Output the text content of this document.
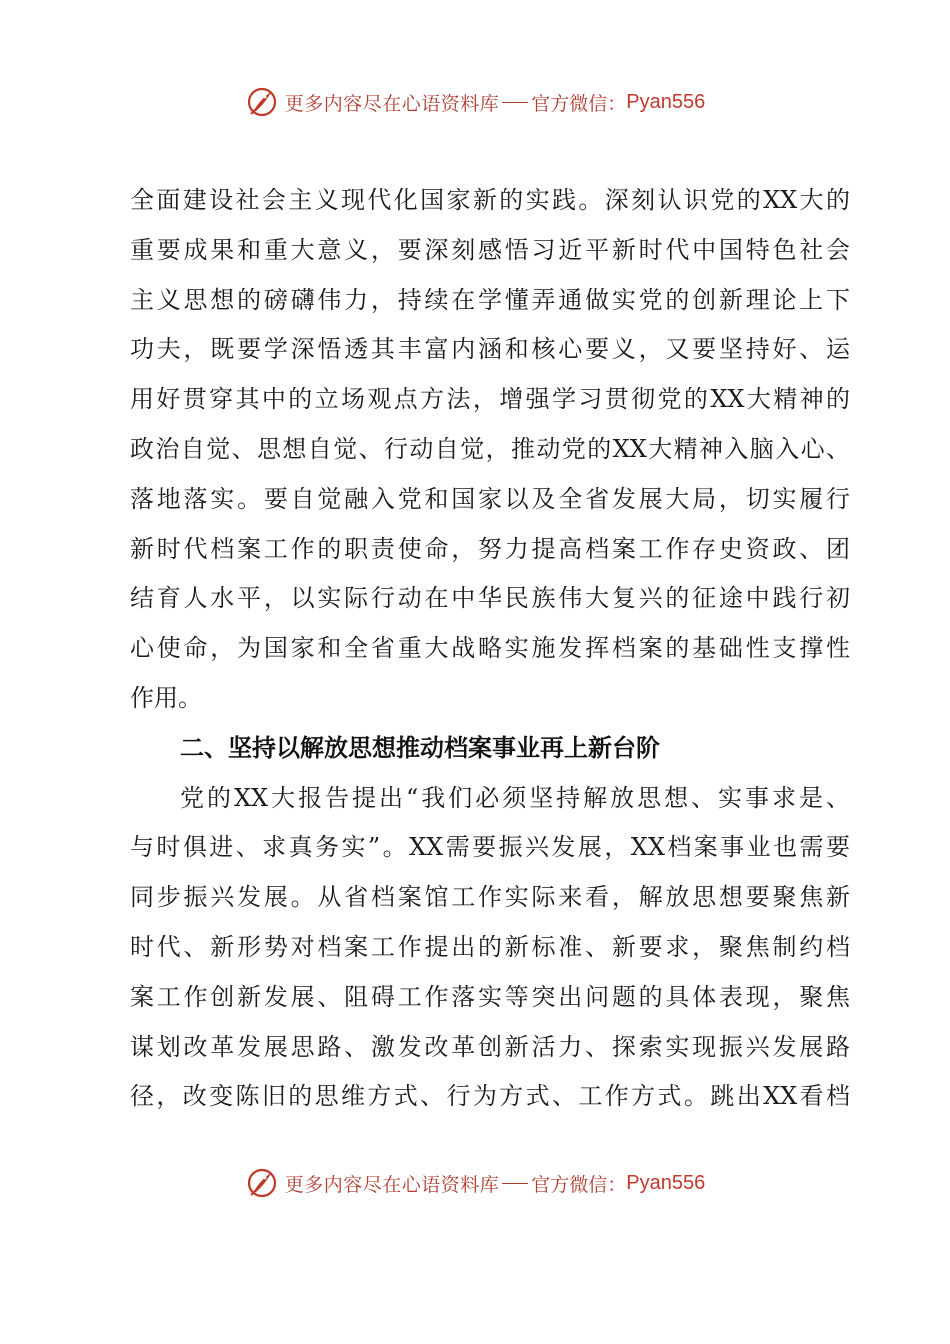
更多内容尽在心语资料库 官方微信： Pyan556
全面建设社会主义现代化国家新的实践。深刻认识党的XX大的
重要成果和重大意义，要深刻感悟习近平新时代中国特色社会
主义思想的磅礴伟力，持续在学懂弄通做实党的创新理论上下
功夫，既要学深悟透其丰富内涵和核心要义，又要坚持好、运
用好贯穿其中的立场观点方法，增强学习贯彻党的XX大精神的
政治自觉、思想自觉、行动自觉，推动党的XX大精神入脑入心、
落地落实。要自觉融入党和国家以及全省发展大局，切实履行
新时代档案工作的职责使命，努力提高档案工作存史资政、团
结育人水平，以实际行动在中华民族伟大复兴的征途中践行初
心使命，为国家和全省重大战略实施发挥档案的基础性支撑性
作用。
二、坚持以解放思想推动档案事业再上新台阶
党的XX大报告提出“我们必须坚持解放思想、实事求是、
与时俱进、求真务实”。XX需要振兴发展，XX档案事业也需要
同步振兴发展。从省档案馆工作实际来看，解放思想要聚焦新
时代、新形势对档案工作提出的新标准、新要求，聚焦制约档
案工作创新发展、阻碍工作落实等突出问题的具体表现，聚焦
谋划改革发展思路、激发改革创新活力、探索实现振兴发展路
径，改变陈旧的思维方式、行为方式、工作方式。跳出XX看档
更多内容尽在心语资料库 官方微信： Pyan556
